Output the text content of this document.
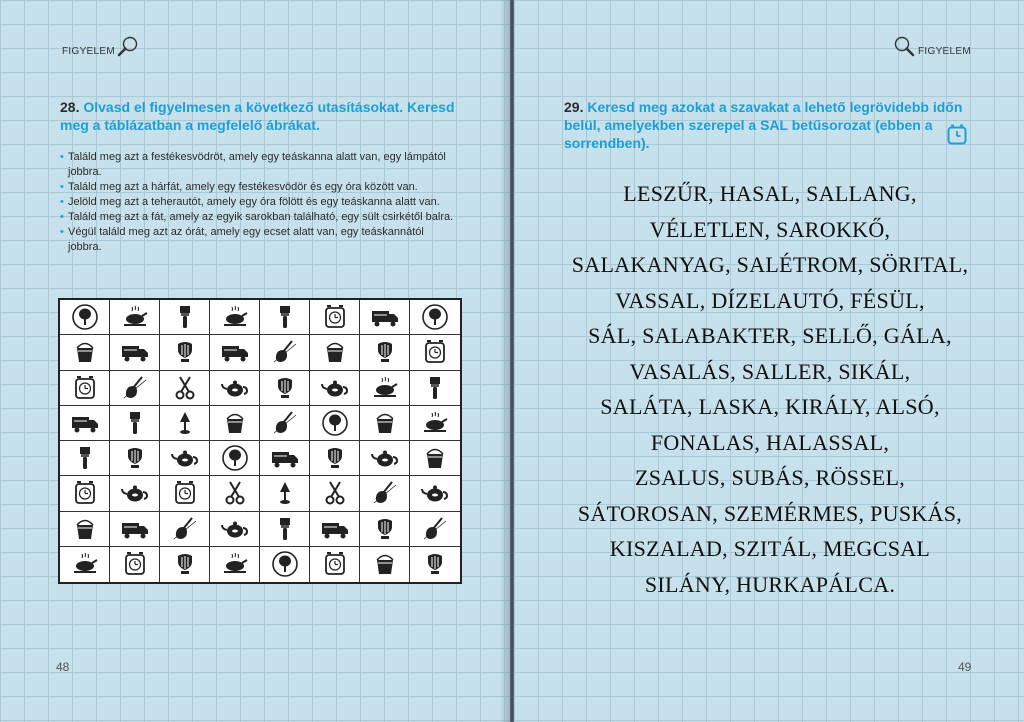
FIGYELEM
28. Olvasd el figyelmesen a következő utasításokat. Keresd meg a táblázatban a megfelelő ábrákat.
• Találd meg azt a festékesvödröt, amely egy teáskanna alatt van, egy lámpától jobbra.
• Találd meg azt a hárfát, amely egy festékesvödör és egy óra között van.
• Jelöld meg azt a teherautót, amely egy óra fölött és egy teáskanna alatt van.
• Találd meg azt a fát, amely az egyik sarokban található, egy sült csirkétől balra.
• Végül találd meg azt az órát, amely egy ecset alatt van, egy teáskannától jobbra.
48
FIGYELEM
29. Keresd meg azokat a szavakat a lehető legrövidebb időn belül, amelyekben szerepel a SAL betűsorozat (ebben a sorrendben).
49
LESZŰR, HASAL, SALLANG,
VÉLETLEN, SAROKKŐ,
SALAKANYAG, SALÉTROM, SÖRITAL,
VASSAL, DÍZELAUTÓ, FÉSÜL,
SÁL, SALABAKTER, SELLŐ, GÁLA,
VASALÁS, SALLER, SIKÁL,
SALÁTA, LASKA, KIRÁLY, ALSÓ,
FONALAS, HALASSAL,
ZSALUS, SUBÁS, RÖSSEL,
SÁTOROSAN, SZEMÉRMES, PUSKÁS,
KISZALAD, SZITÁL, MEGCSAL
SILÁNY, HURKAPÁLCA.
